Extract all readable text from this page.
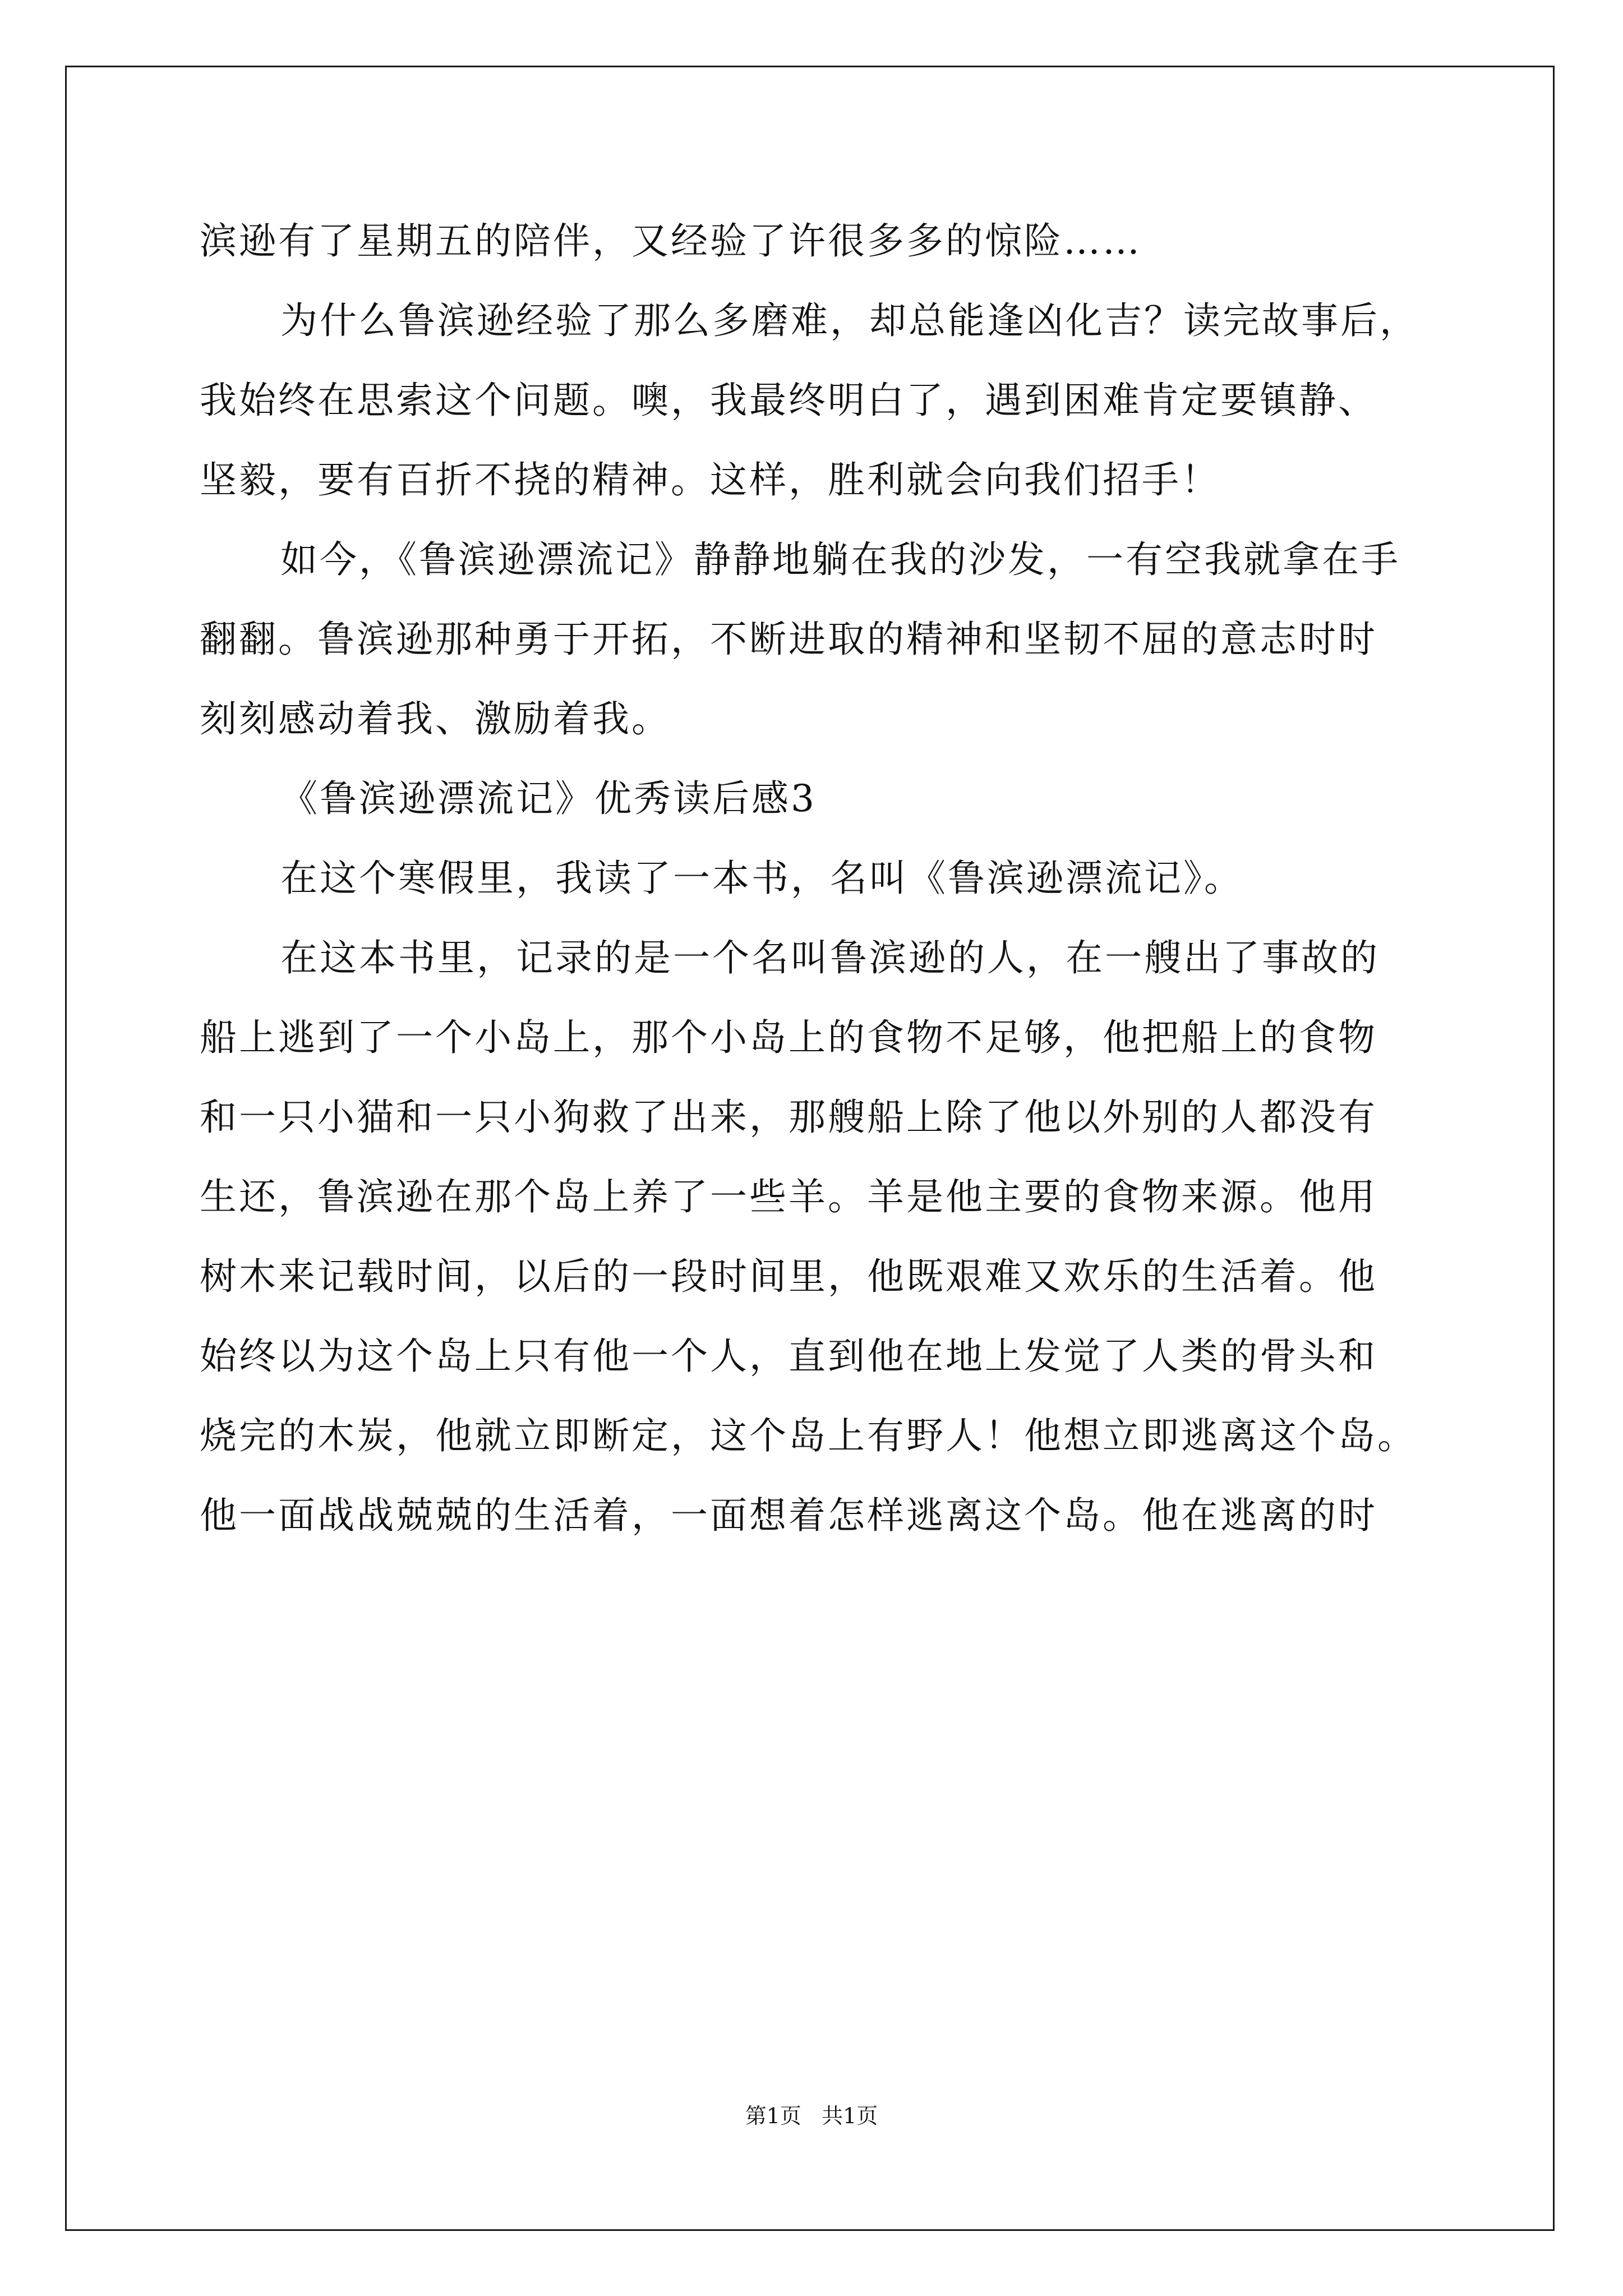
滨逊有了星期五的陪伴，又经验了许很多多的惊险……
为什么鲁滨逊经验了那么多磨难，却总能逢凶化吉？读完故事后，
我始终在思索这个问题。噢，我最终明白了，遇到困难肯定要镇静、
坚毅，要有百折不挠的精神。这样，胜利就会向我们招手！
如今，《鲁滨逊漂流记》静静地躺在我的沙发，一有空我就拿在手
翻翻。鲁滨逊那种勇于开拓，不断进取的精神和坚韧不屈的意志时时
刻刻感动着我、激励着我。
《鲁滨逊漂流记》优秀读后感3
在这个寒假里，我读了一本书，名叫《鲁滨逊漂流记》。
在这本书里，记录的是一个名叫鲁滨逊的人，在一艘出了事故的
船上逃到了一个小岛上，那个小岛上的食物不足够，他把船上的食物
和一只小猫和一只小狗救了出来，那艘船上除了他以外别的人都没有
生还，鲁滨逊在那个岛上养了一些羊。羊是他主要的食物来源。他用
树木来记载时间，以后的一段时间里，他既艰难又欢乐的生活着。他
始终以为这个岛上只有他一个人，直到他在地上发觉了人类的骨头和
烧完的木炭，他就立即断定，这个岛上有野人！他想立即逃离这个岛。
他一面战战兢兢的生活着，一面想着怎样逃离这个岛。他在逃离的时
第1页   共1页
